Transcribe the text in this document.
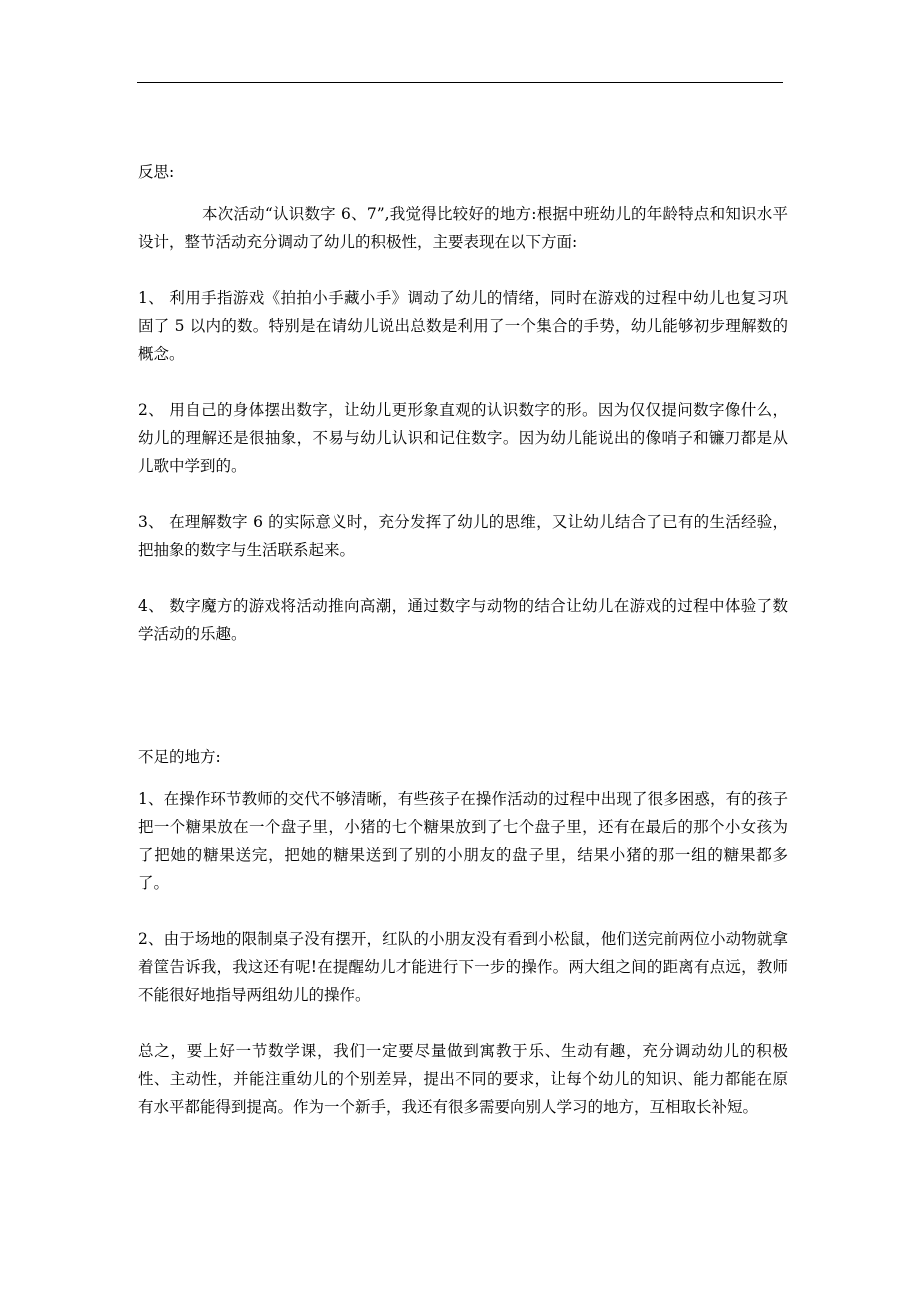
反思:

本次活动“认识数字 6、7”,我觉得比较好的地方:根据中班幼儿的年龄特点和知识水平设计，整节活动充分调动了幼儿的积极性，主要表现在以下方面:

1、 利用手指游戏《拍拍小手藏小手》调动了幼儿的情绪，同时在游戏的过程中幼儿也复习巩固了 5 以内的数。特别是在请幼儿说出总数是利用了一个集合的手势，幼儿能够初步理解数的概念。

2、 用自己的身体摆出数字，让幼儿更形象直观的认识数字的形。因为仅仅提问数字像什么，幼儿的理解还是很抽象，不易与幼儿认识和记住数字。因为幼儿能说出的像哨子和镰刀都是从儿歌中学到的。

3、 在理解数字 6 的实际意义时，充分发挥了幼儿的思维，又让幼儿结合了已有的生活经验，把抽象的数字与生活联系起来。

4、 数字魔方的游戏将活动推向高潮，通过数字与动物的结合让幼儿在游戏的过程中体验了数学活动的乐趣。

不足的地方:

1、在操作环节教师的交代不够清晰，有些孩子在操作活动的过程中出现了很多困惑，有的孩子把一个糖果放在一个盘子里，小猪的七个糖果放到了七个盘子里，还有在最后的那个小女孩为了把她的糖果送完，把她的糖果送到了别的小朋友的盘子里，结果小猪的那一组的糖果都多了。

2、由于场地的限制桌子没有摆开，红队的小朋友没有看到小松鼠，他们送完前两位小动物就拿着筐告诉我，我这还有呢!在提醒幼儿才能进行下一步的操作。两大组之间的距离有点远，教师不能很好地指导两组幼儿的操作。

总之，要上好一节数学课，我们一定要尽量做到寓教于乐、生动有趣，充分调动幼儿的积极性、主动性，并能注重幼儿的个别差异，提出不同的要求，让每个幼儿的知识、能力都能在原有水平都能得到提高。作为一个新手，我还有很多需要向别人学习的地方，互相取长补短。
